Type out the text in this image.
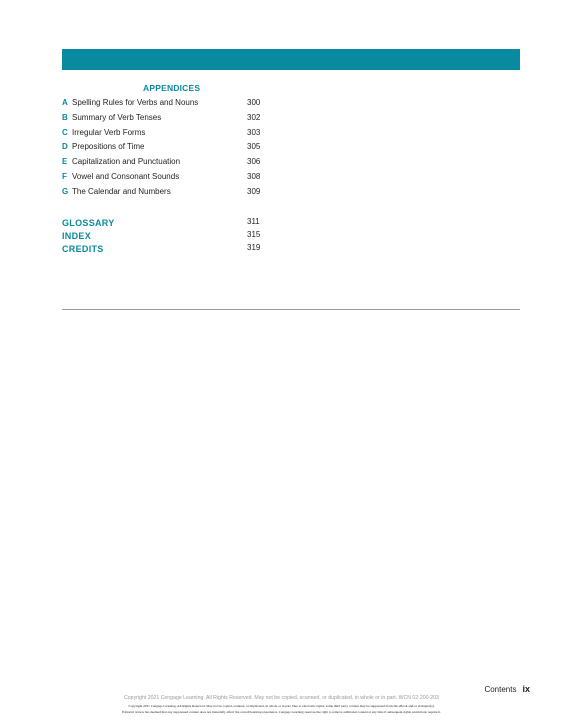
APPENDICES
A Spelling Rules for Verbs and Nouns	300
B Summary of Verb Tenses	302
C Irregular Verb Forms	303
D Prepositions of Time	305
E Capitalization and Punctuation	306
F Vowel and Consonant Sounds	308
G The Calendar and Numbers	309
GLOSSARY	311
INDEX	315
CREDITS	319
Contents ix
Copyright 2021 Cengage Learning. All Rights Reserved. May not be copied, scanned, or duplicated, in whole or in part. WCN 02-200-203
Copyright 2021 Cengage Learning. All Rights Reserved. May not be copied, scanned, or duplicated, in whole or in part. Due to electronic rights, some third party content may be suppressed from the eBook and/or eChapter(s).
Editorial review has deemed that any suppressed content does not materially affect the overall learning experience. Cengage Learning reserves the right to remove additional content at any time if subsequent rights restrictions require it.
